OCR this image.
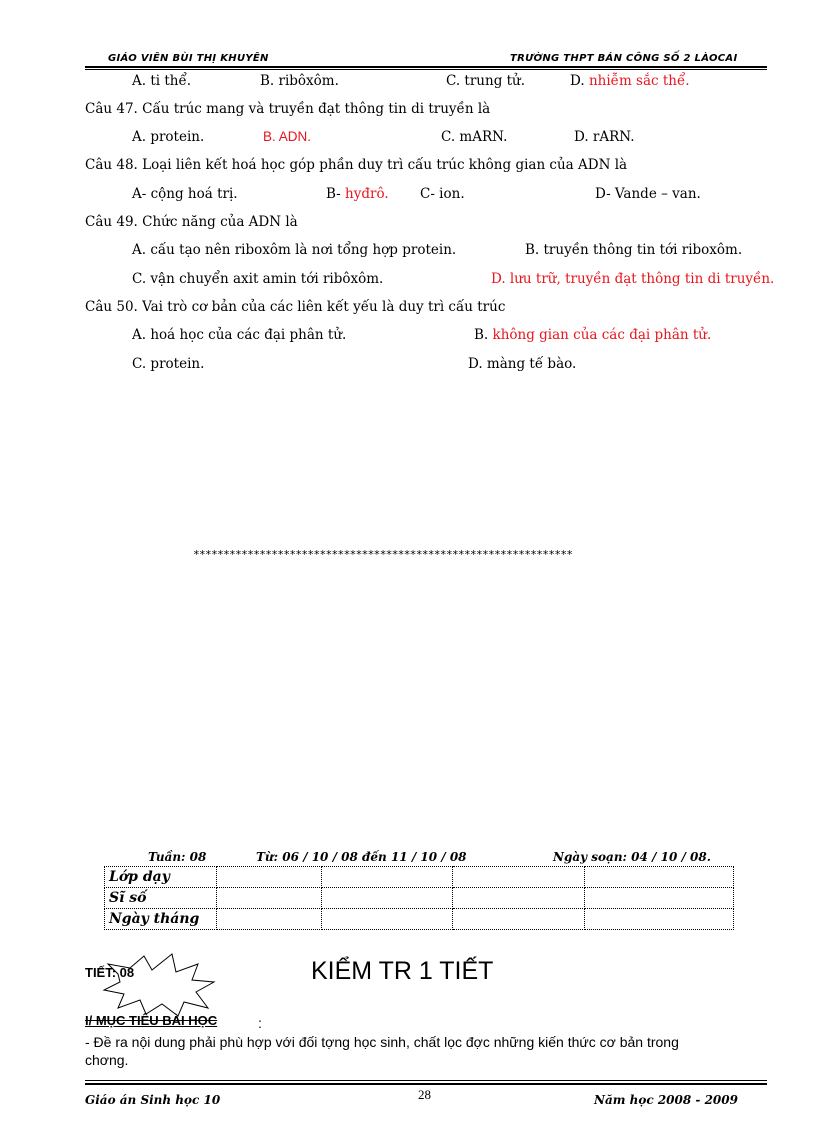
GIÁO VIÊN BÙI THỊ KHUYÊN	TRƯỜNG THPT BÁN CÔNG SỐ 2 LÀOCAI
A. ti thể.	B. ribôxôm.	C. trung tử.	D. nhiễm sắc thể.
Câu 47. Cấu trúc mang và truyền đạt thông tin di truyền là
A. protein.	B. ADN.	C. mARN.	D. rARN.
Câu 48. Loại liên kết hoá học góp phần duy trì cấu trúc không gian của ADN là
A- cộng hoá trị.	B- hyđrô. C- ion.	D- Vande – van.
Câu 49. Chức năng của ADN là
A. cấu tạo nên riboxôm là nơi tổng hợp protein.	B. truyền thông tin tới riboxôm.
C. vận chuyển axit amin tới ribôxôm.	D. lưu trữ, truyền đạt thông tin di truyền.
Câu 50. Vai trò cơ bản của các liên kết yếu là duy trì cấu trúc
A. hoá học của các đại phân tử.	B. không gian của các đại phân tử.
C. protein.	D. màng tế bào.
***************************************************************
Tuần: 08	Từ: 06 / 10 / 08 đến 11 / 10 / 08	Ngày soạn: 04 / 10 / 08.
Lớp dạy				
Sĩ số				
Ngày tháng				
TIẾT: 08	KIỂM TR 1 TIẾT
I/ MỤC TIÊU BÀI HỌC	:
- Đề ra nội dung phải phù hợp với đối tợng học sinh, chất lọc đợc những kiến thức cơ bản trong
chơng.
Giáo án Sinh học 10	28	Năm học 2008 - 2009
